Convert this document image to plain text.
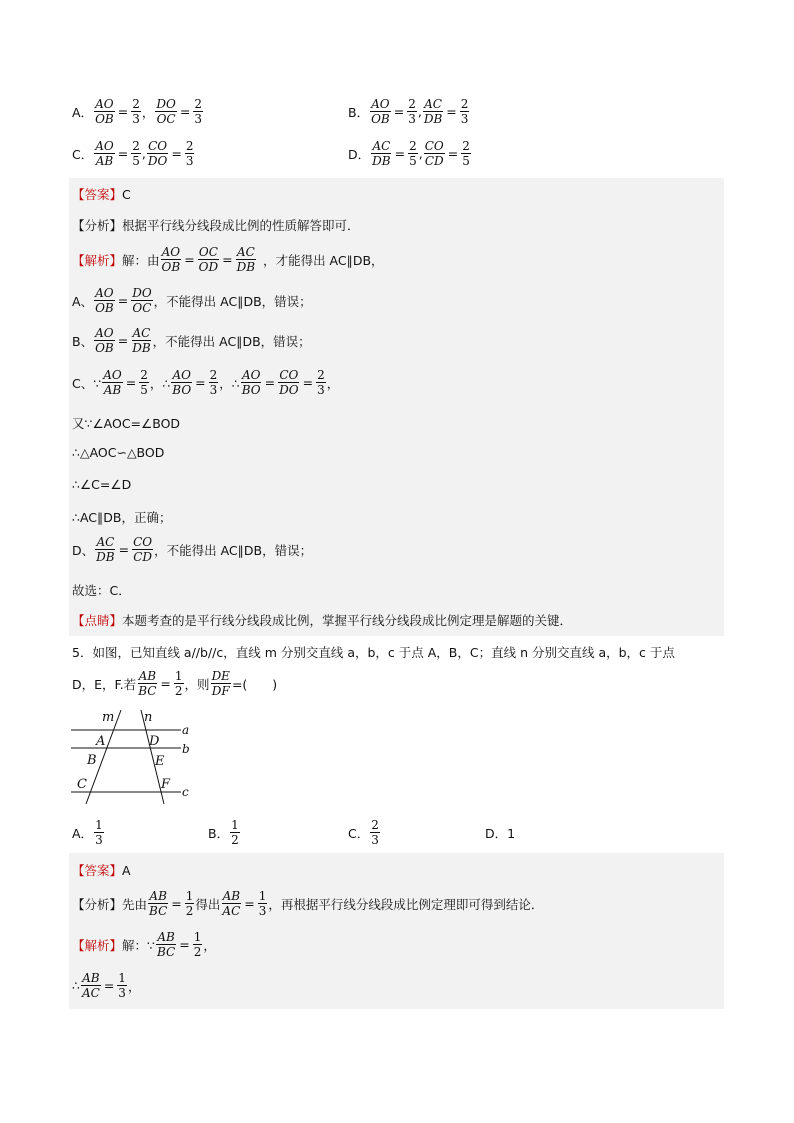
A． $\frac{AO}{OB} = \frac{2}{3}$ ， $\frac{DO}{OC} = \frac{2}{3}$	B． $\frac{AO}{OB} = \frac{2}{3}$ , $\frac{AC}{DB} = \frac{2}{3}$
C． $\frac{AO}{AB} = \frac{2}{5}$ , $\frac{CO}{DO} = \frac{2}{3}$	D． $\frac{AC}{DB} = \frac{2}{5}$ , $\frac{CO}{CD} = \frac{2}{5}$
【答案】 C
【分析】 根据平行线分线段成比例的性质解答即可．
【解析】 解：由 $\frac{AO}{OB} = \frac{OC}{OD} = \frac{AC}{DB}$ ，才能得出 AC∥DB，
A、 $\frac{AO}{OB} = \frac{DO}{OC}$ ，不能得出 AC∥DB，错误；
B、 $\frac{AO}{OB} = \frac{AC}{DB}$ ，不能得出 AC∥DB，错误；
C、∵ $\frac{AO}{AB} = \frac{2}{5}$ ，∴ $\frac{AO}{BO} = \frac{2}{3}$ ，∴ $\frac{AO}{BO} = \frac{CO}{DO} = \frac{2}{3}$ ，
又∵∠AOC=∠BOD
∴△AOC∽△BOD
∴∠C=∠D
∴AC∥DB，正确；
D、 $\frac{AC}{DB} = \frac{CO}{CD}$ ，不能得出 AC∥DB，错误；
故选：C．
【点睛】 本题考查的是平行线分线段成比例，掌握平行线分线段成比例定理是解题的关键．
5．如图，已知直线 a//b//c，直线 m 分别交直线 a，b，c 于点 A，B，C；直线 n 分别交直线 a，b，c 于点
D，E，F.若 $\frac{AB}{BC} = \frac{1}{2}$ ，则 $\frac{DE}{DF}$ =(　　)
m n
A	D
B	E
C	F
a
b
c
A．
1
3	B．
1
2	C．
2
3	D． 1
【答案】 A
【分析】 先由 $\frac{AB}{BC} = \frac{1}{2}$ 得出 $\frac{AB}{AC} = \frac{1}{3}$ ，再根据平行线分线段成比例定理即可得到结论．
【解析】 解：∵ $\frac{AB}{BC} = \frac{1}{2}$ ，
∴ $\frac{AB}{AC} = \frac{1}{3}$ ，
